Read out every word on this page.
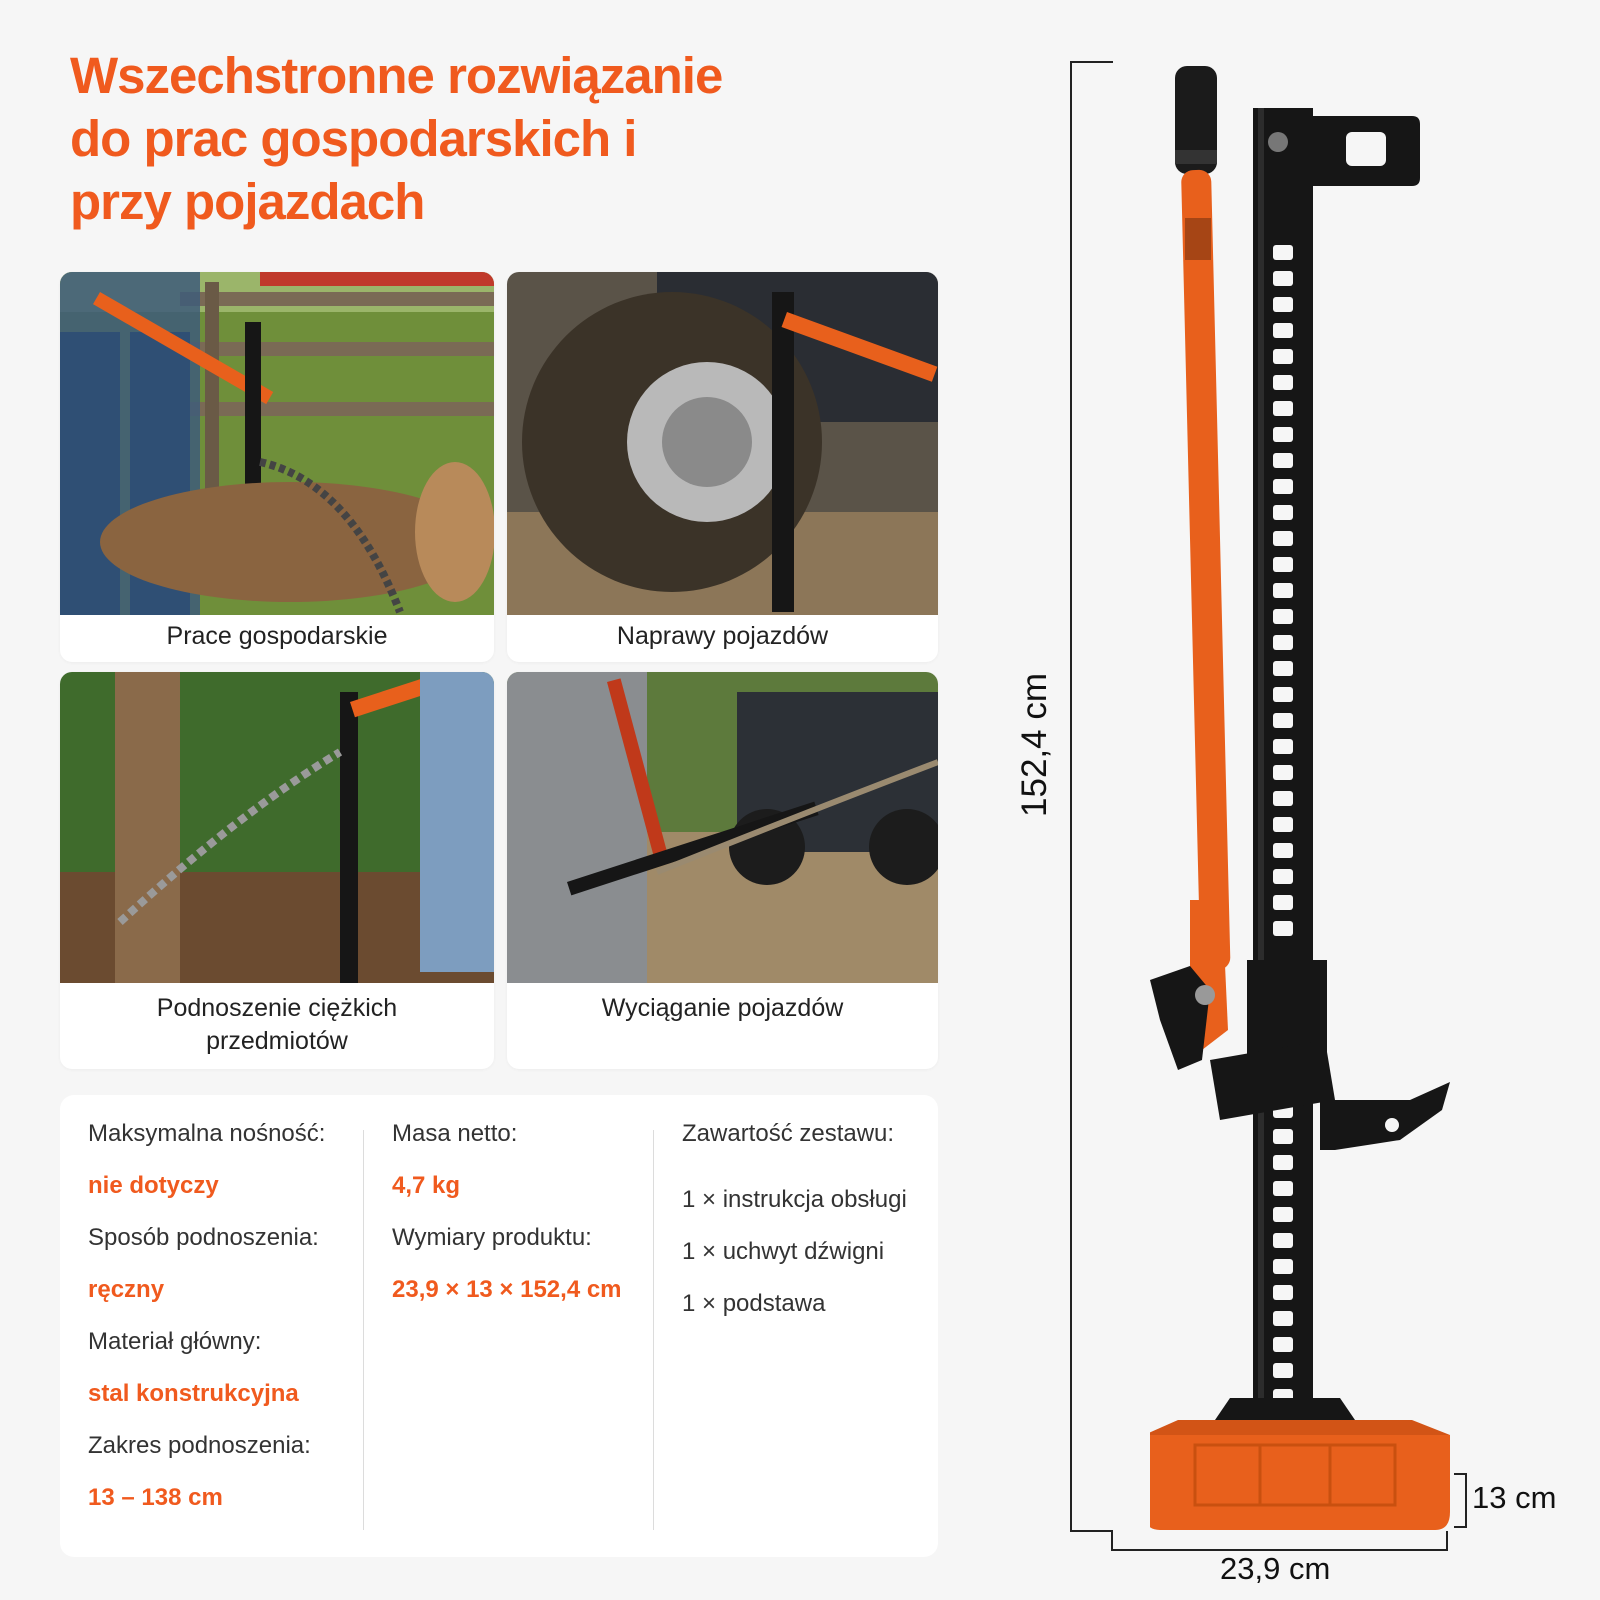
Wszechstronne rozwiązanie
do prac gospodarskich i
przy pojazdach
Prace gospodarskie	Naprawy pojazdów
Podnoszenie ciężkich
przedmiotów
Wyciąganie pojazdów
Maksymalna nośność:
nie dotyczy
Sposób podnoszenia:
ręczny
Materiał główny:
stal konstrukcyjna
Zakres podnoszenia:
13 – 138 cm
Masa netto:
4,7 kg
Wymiary produktu:
23,9 × 13 × 152,4 cm
Zawartość zestawu:
1 × instrukcja obsługi
1 × uchwyt dźwigni
1 × podstawa
152,4 cm
13 cm
23,9 cm
